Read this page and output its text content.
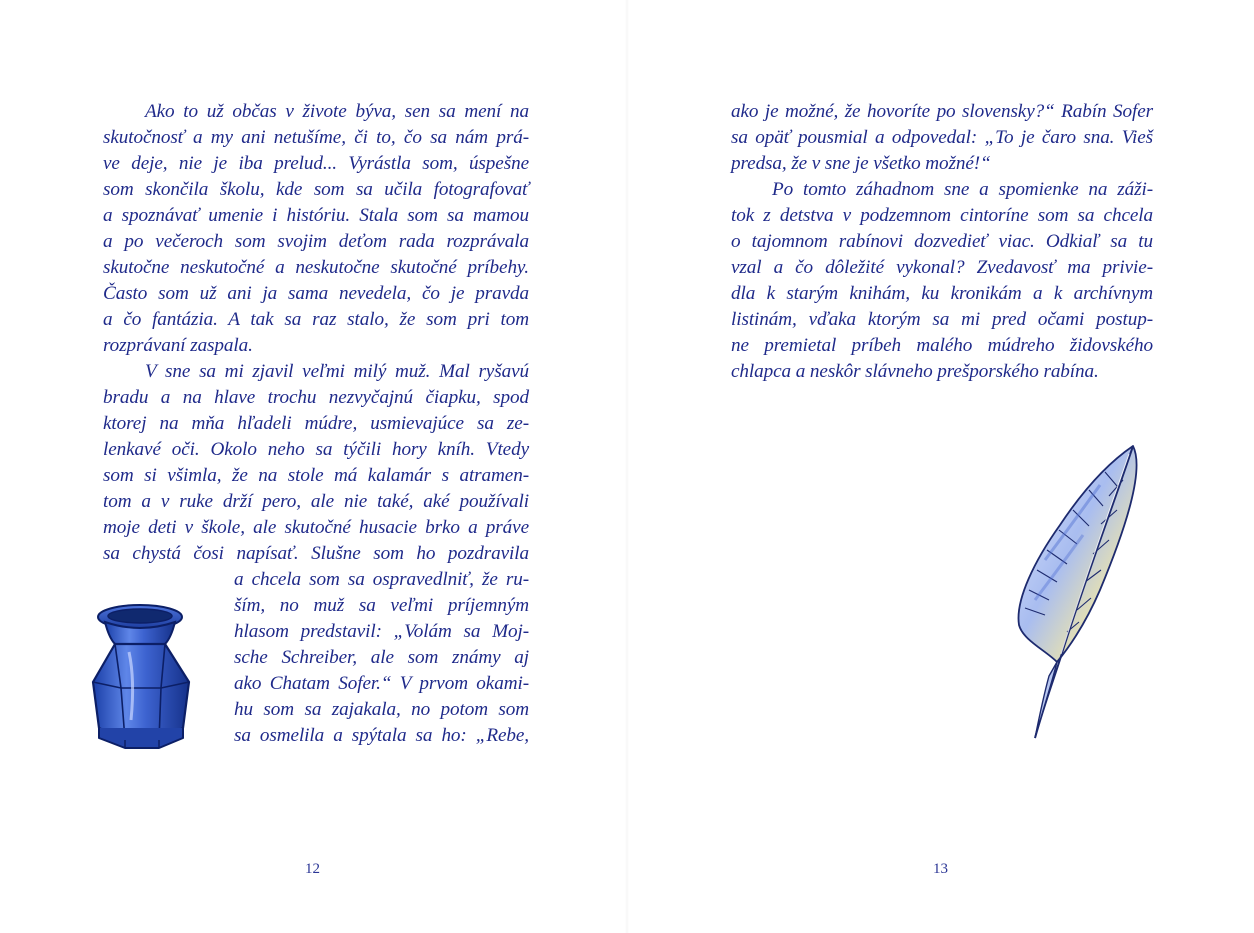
Ako to už občas v živote býva, sen sa mení na
skutočnosť a my ani netušíme, či to, čo sa nám prá-
ve deje, nie je iba prelud... Vyrástla som, úspešne
som skončila školu, kde som sa učila fotografovať
a spoznávať umenie i históriu. Stala som sa mamou
a po večeroch som svojim deťom rada rozprávala
skutočne neskutočné a neskutočne skutočné príbehy.
Často som už ani ja sama nevedela, čo je pravda
a čo fantázia. A tak sa raz stalo, že som pri tom
rozprávaní zaspala.
V sne sa mi zjavil veľmi milý muž. Mal ryšavú
bradu a na hlave trochu nezvyčajnú čiapku, spod
ktorej na mňa hľadeli múdre, usmievajúce sa ze-
lenkavé oči. Okolo neho sa týčili hory kníh. Vtedy
som si všimla, že na stole má kalamár s atramen-
tom a v ruke drží pero, ale nie také, aké používali
moje deti v škole, ale skutočné husacie brko a práve
sa chystá čosi napísať. Slušne som ho pozdravila
a chcela som sa ospravedlniť, že ru-
ším, no muž sa veľmi príjemným
hlasom predstavil: „Volám sa Moj-
sche Schreiber, ale som známy aj
ako Chatam Sofer.“ V prvom okami-
hu som sa zajakala, no potom som
sa osmelila a spýtala sa ho: „Rebe,
12
ako je možné, že hovoríte po slovensky?“ Rabín Sofer
sa opäť pousmial a odpovedal: „To je čaro sna. Vieš
predsa, že v sne je všetko možné!“
Po tomto záhadnom sne a spomienke na záži-
tok z detstva v podzemnom cintoríne som sa chcela
o tajomnom rabínovi dozvedieť viac. Odkiaľ sa tu
vzal a čo dôležité vykonal? Zvedavosť ma privie-
dla k starým knihám, ku kronikám a k archívnym
listinám, vďaka ktorým sa mi pred očami postup-
ne premietal príbeh malého múdreho židovského
chlapca a neskôr slávneho prešporského rabína.
13
